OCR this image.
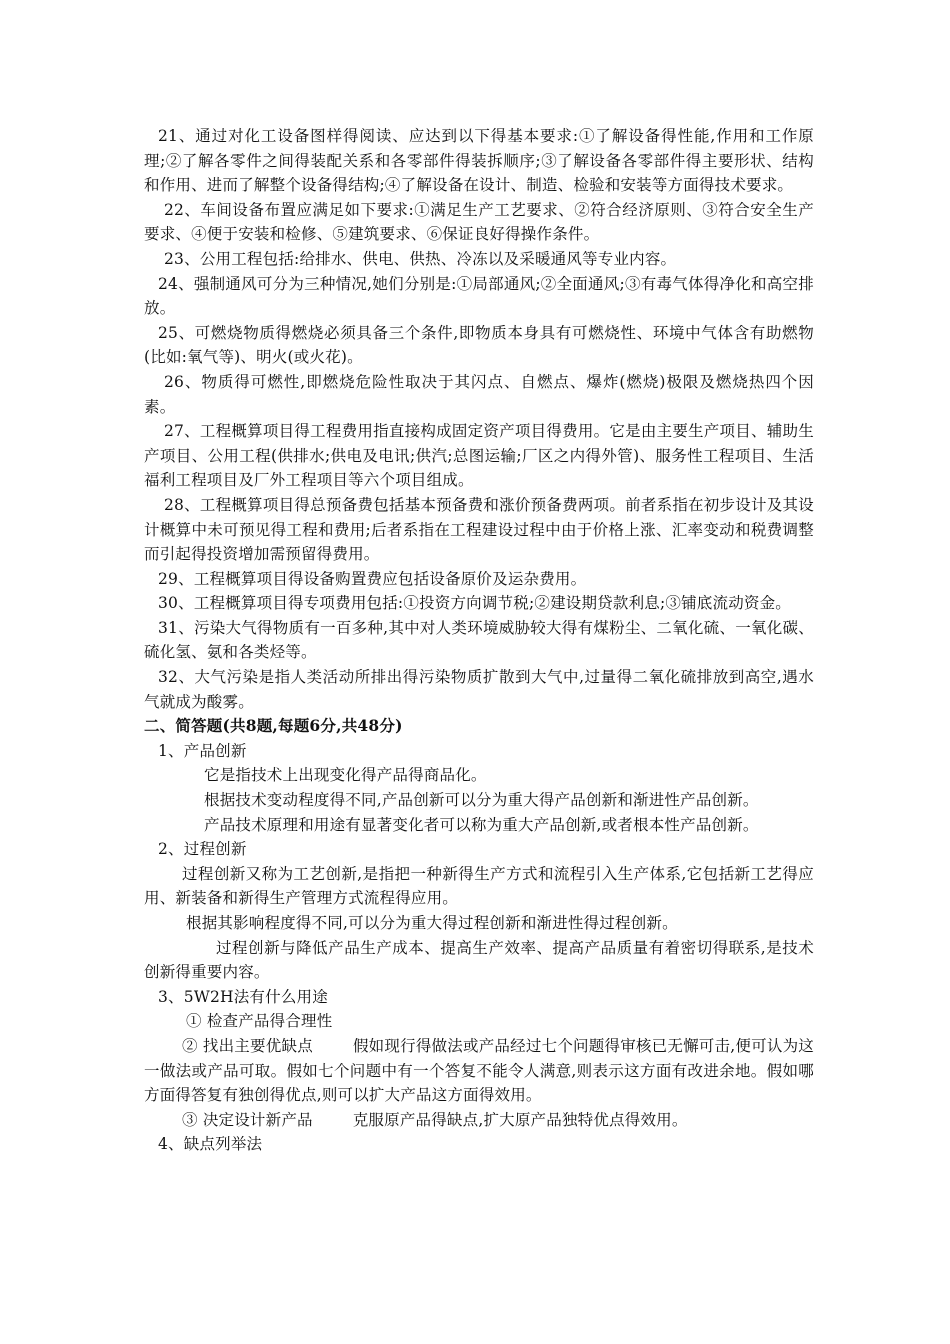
21、通过对化工设备图样得阅读、应达到以下得基本要求:①了解设备得性能,作用和工作原理;②了解各零件之间得装配关系和各零部件得装拆顺序;③了解设备各零部件得主要形状、结构和作用、进而了解整个设备得结构;④了解设备在设计、制造、检验和安装等方面得技术要求。

22、车间设备布置应满足如下要求:①满足生产工艺要求、②符合经济原则、③符合安全生产要求、④便于安装和检修、⑤建筑要求、⑥保证良好得操作条件。

23、公用工程包括:给排水、供电、供热、冷冻以及采暖通风等专业内容。

24、强制通风可分为三种情况,她们分别是:①局部通风;②全面通风;③有毒气体得净化和高空排放。

25、可燃烧物质得燃烧必须具备三个条件,即物质本身具有可燃烧性、环境中气体含有助燃物(比如:氧气等)、明火(或火花)。

26、物质得可燃性,即燃烧危险性取决于其闪点、自燃点、爆炸(燃烧)极限及燃烧热四个因素。

27、工程概算项目得工程费用指直接构成固定资产项目得费用。它是由主要生产项目、辅助生产项目、公用工程(供排水;供电及电讯;供汽;总图运输;厂区之内得外管)、服务性工程项目、生活福利工程项目及厂外工程项目等六个项目组成。

28、工程概算项目得总预备费包括基本预备费和涨价预备费两项。前者系指在初步设计及其设计概算中未可预见得工程和费用;后者系指在工程建设过程中由于价格上涨、汇率变动和税费调整而引起得投资增加需预留得费用。

29、工程概算项目得设备购置费应包括设备原价及运杂费用。

30、工程概算项目得专项费用包括:①投资方向调节税;②建设期贷款利息;③铺底流动资金。

31、污染大气得物质有一百多种,其中对人类环境威胁较大得有煤粉尘、二氧化硫、一氧化碳、硫化氢、氨和各类烃等。

32、大气污染是指人类活动所排出得污染物质扩散到大气中,过量得二氧化硫排放到高空,遇水气就成为酸雾。

二、简答题(共8题,每题6分,共48分)

1、产品创新

它是指技术上出现变化得产品得商品化。

根据技术变动程度得不同,产品创新可以分为重大得产品创新和渐进性产品创新。

产品技术原理和用途有显著变化者可以称为重大产品创新,或者根本性产品创新。

2、过程创新

过程创新又称为工艺创新,是指把一种新得生产方式和流程引入生产体系,它包括新工艺得应用、新装备和新得生产管理方式流程得应用。

根据其影响程度得不同,可以分为重大得过程创新和渐进性得过程创新。

过程创新与降低产品生产成本、提高生产效率、提高产品质量有着密切得联系,是技术创新得重要内容。

3、5W2H法有什么用途

① 检查产品得合理性

② 找出主要优缺点	假如现行得做法或产品经过七个问题得审核已无懈可击,便可认为这一做法或产品可取。假如七个问题中有一个答复不能令人满意,则表示这方面有改进余地。假如哪方面得答复有独创得优点,则可以扩大产品这方面得效用。

③ 决定设计新产品	克服原产品得缺点,扩大原产品独特优点得效用。

4、缺点列举法
